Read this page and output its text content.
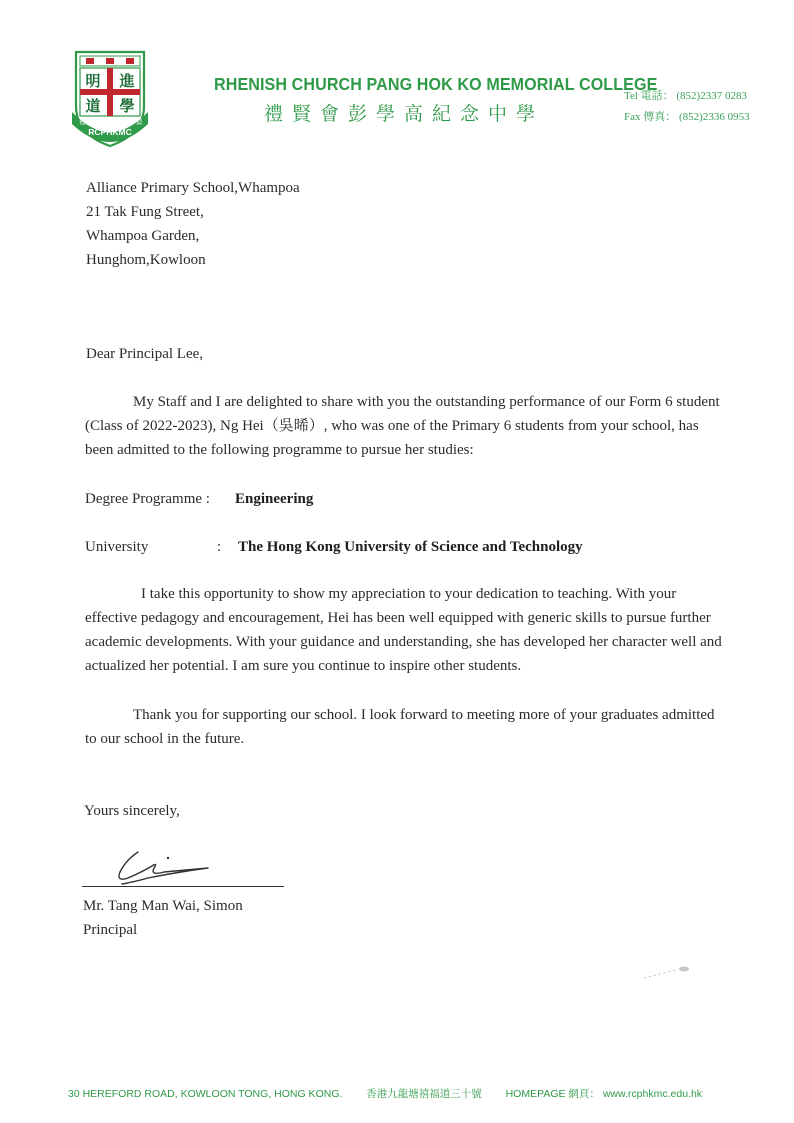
明 進
道 學
禮	賢
RCPHKMC
RHENISH CHURCH PANG HOK KO MEMORIAL COLLEGE
禮賢會彭學高紀念中學
Tel 電話： (852)2337 0283
Fax 傳真： (852)2336 0953
Alliance Primary School,Whampoa
21 Tak Fung Street,
Whampoa Garden,
Hunghom,Kowloon
Dear Principal Lee,
My Staff and I are delighted to share with you the outstanding performance of our Form 6 student (Class of 2022-2023), Ng Hei（吳晞）, who was one of the Primary 6 students from your school, has been admitted to the following programme to pursue her studies:
Degree Programme : Engineering
University	: The Hong Kong University of Science and Technology
I take this opportunity to show my appreciation to your dedication to teaching. With your effective pedagogy and encouragement, Hei has been well equipped with generic skills to pursue further academic developments. With your guidance and understanding, she has developed her character well and actualized her potential. I am sure you continue to inspire other students.
Thank you for supporting our school. I look forward to meeting more of your graduates admitted to our school in the future.
Yours sincerely,
Mr. Tang Man Wai, Simon
Principal
30 HEREFORD ROAD, KOWLOON TONG, HONG KONG. 香港九龍塘禧福道三十號 HOMEPAGE 網頁： www.rcphkmc.edu.hk
